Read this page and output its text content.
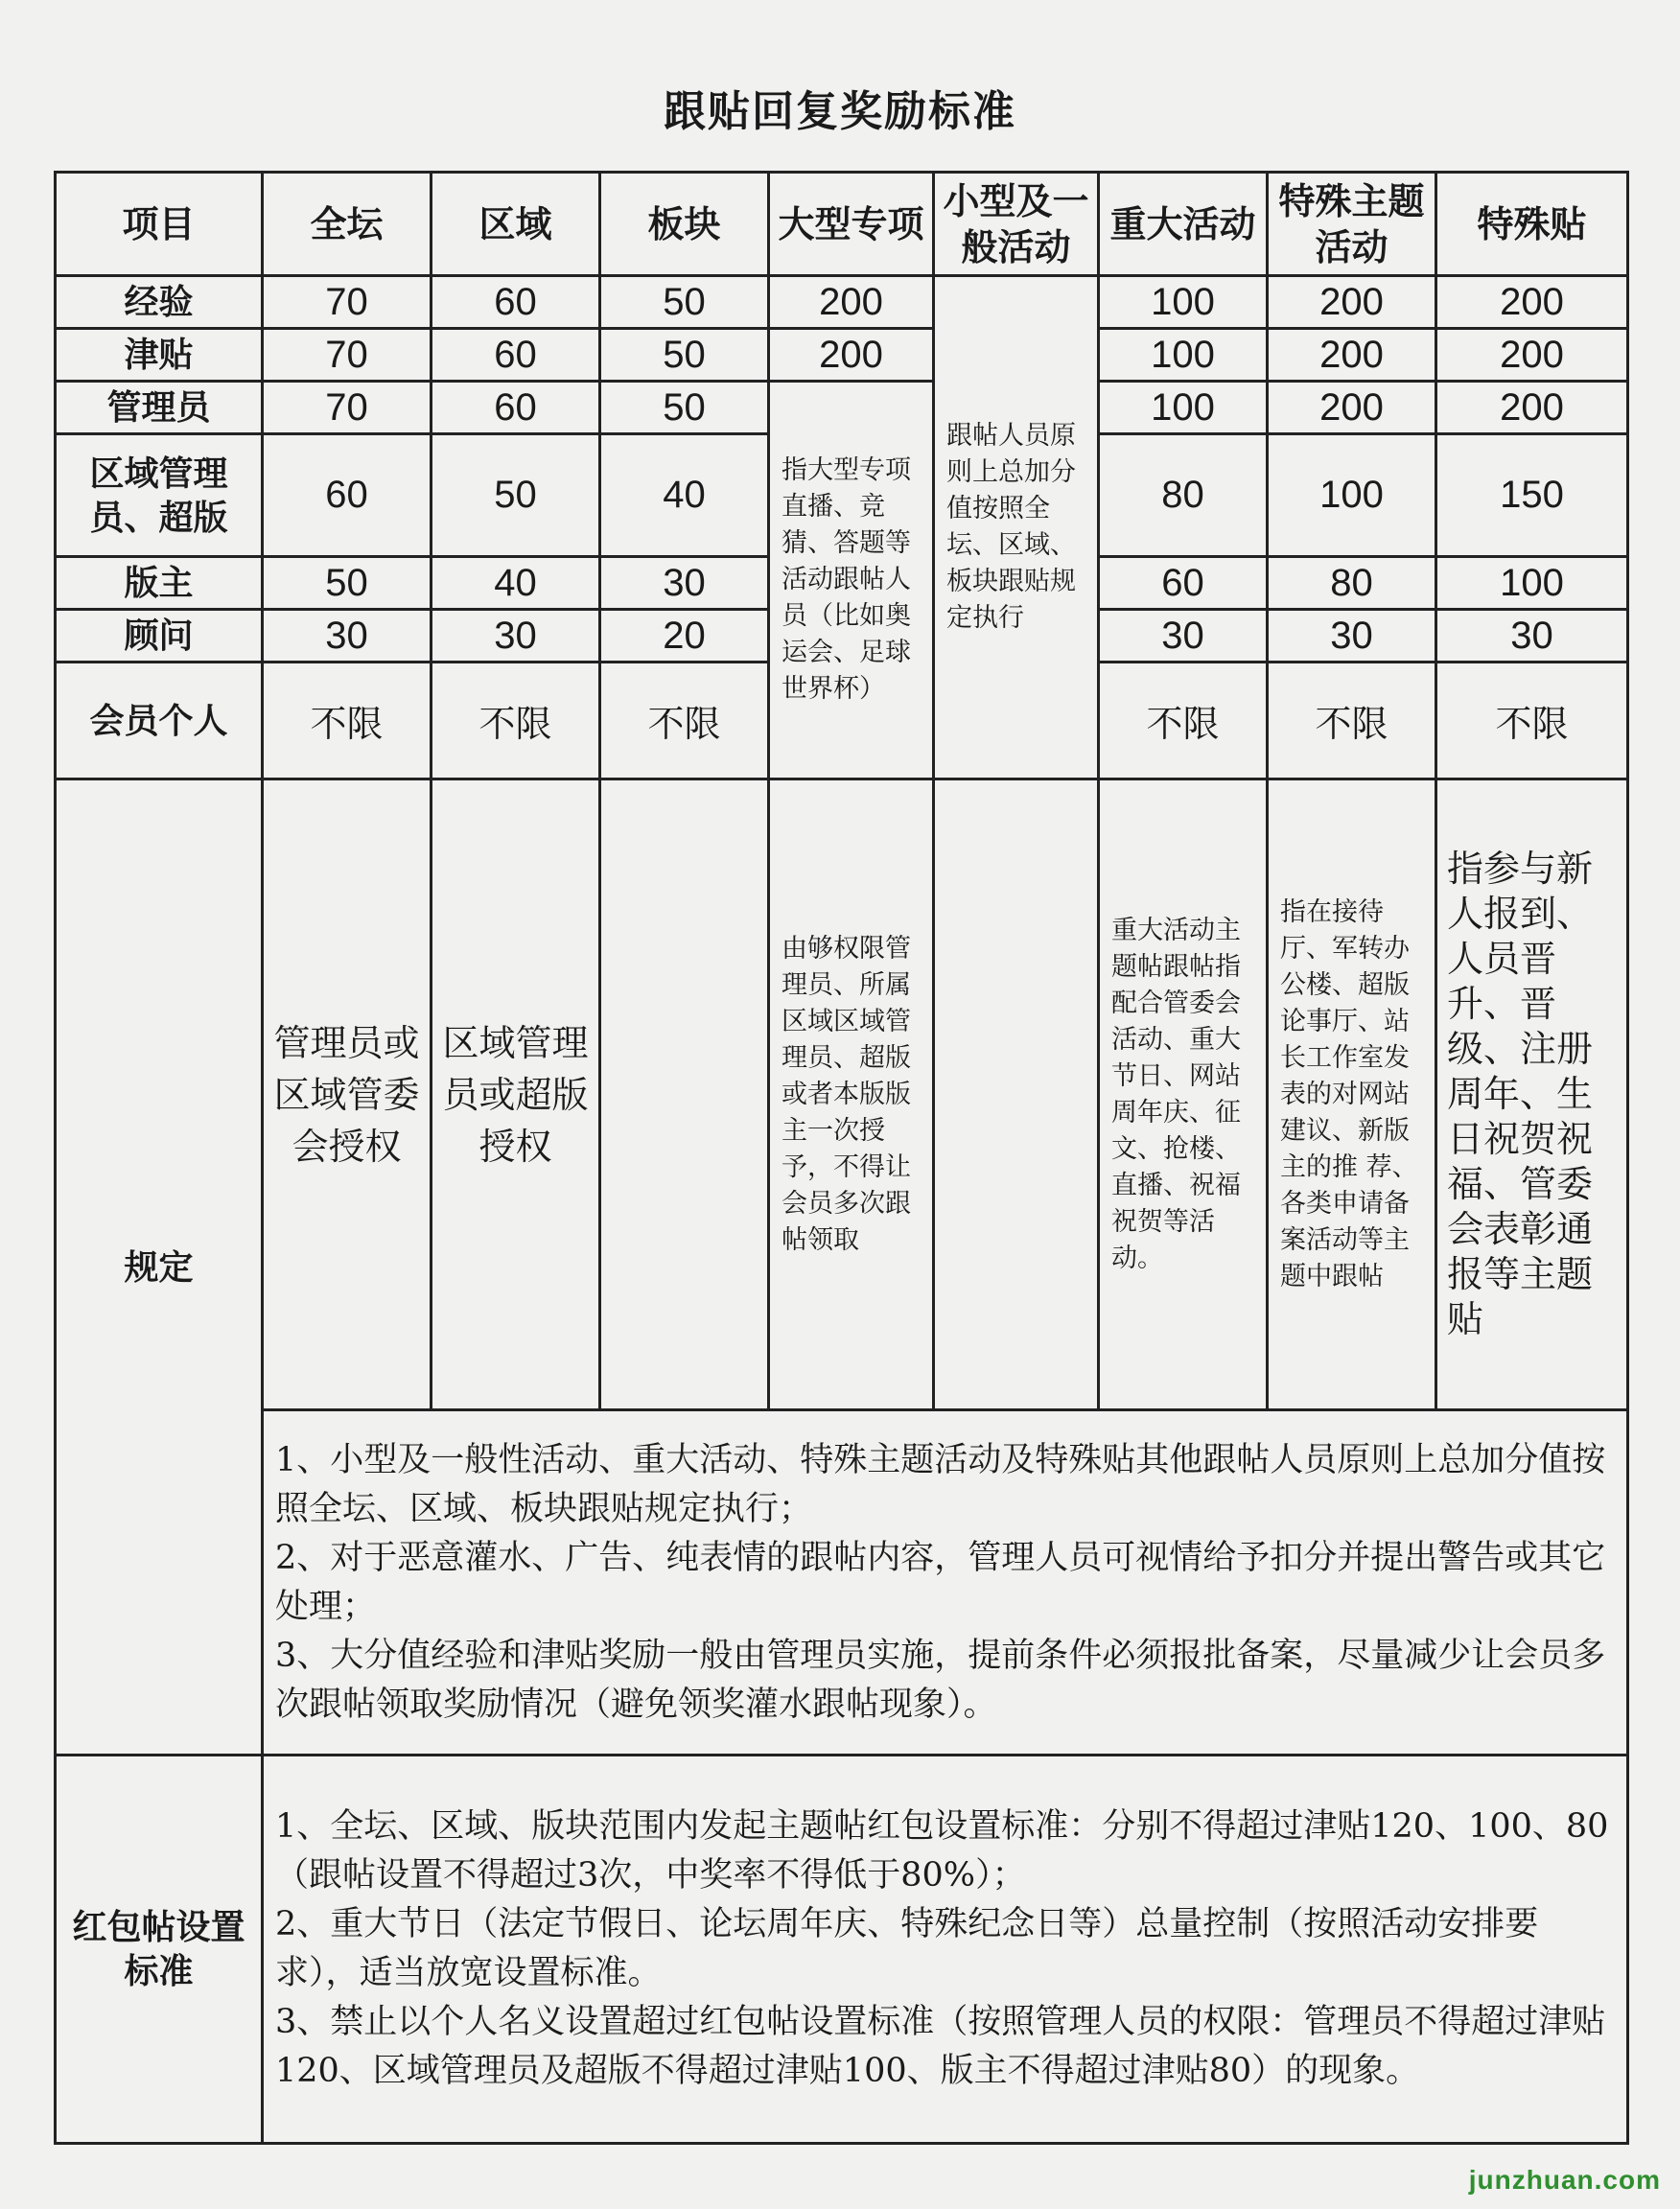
跟贴回复奖励标准
项目	全坛	区域	板块	大型专项	小型及一般活动	重大活动	特殊主题活动	特殊贴
经验	70	60	50	200	跟帖人员原则上总加分值按照全坛、区域、板块跟贴规定执行	100	200	200
津贴	70	60	50	200		100	200	200
管理员	70	60	50	指大型专项直播、竞猜、答题等活动跟帖人员（比如奥运会、足球世界杯）		100	200	200
区域管理员、超版	60	50	40			80	100	150
版主	50	40	30			60	80	100
顾问	30	30	20			30	30	30
会员个人	不限	不限	不限			不限	不限	不限
规定	管理员或区域管委会授权	区域管理员或超版授权		由够权限管理员、所属区域区域管理员、超版或者本版版主一次授予，不得让会员多次跟帖领取		重大活动主题帖跟帖指配合管委会活动、重大节日、网站周年庆、征文、抢楼、直播、祝福祝贺等活动。	指在接待厅、军转办公楼、超版论事厅、站长工作室发表的对网站建议、新版主的推 荐、各类申请备案活动等主题中跟帖	指参与新人报到、人员晋升、晋级、注册周年、生日祝贺祝福、管委会表彰通报等主题贴

	1、小型及一般性活动、重大活动、特殊主题活动及特殊贴其他跟帖人员原则上总加分值按照全坛、区域、板块跟贴规定执行；

2、对于恶意灌水、广告、纯表情的跟帖内容，管理人员可视情给予扣分并提出警告或其它处理；

3、大分值经验和津贴奖励一般由管理员实施，提前条件必须报批备案，尽量减少让会员多次跟帖领取奖励情况（避免领奖灌水跟帖现象）。							

红包帖设置标准	1、全坛、区域、版块范围内发起主题帖红包设置标准：分别不得超过津贴120、100、80（跟帖设置不得超过3次，中奖率不得低于80%）；

2、重大节日（法定节假日、论坛周年庆、特殊纪念日等）总量控制（按照活动安排要求），适当放宽设置标准。

3、禁止以个人名义设置超过红包帖设置标准（按照管理人员的权限：管理员不得超过津贴120、区域管理员及超版不得超过津贴100、版主不得超过津贴80）的现象。							

junzhuan.com
